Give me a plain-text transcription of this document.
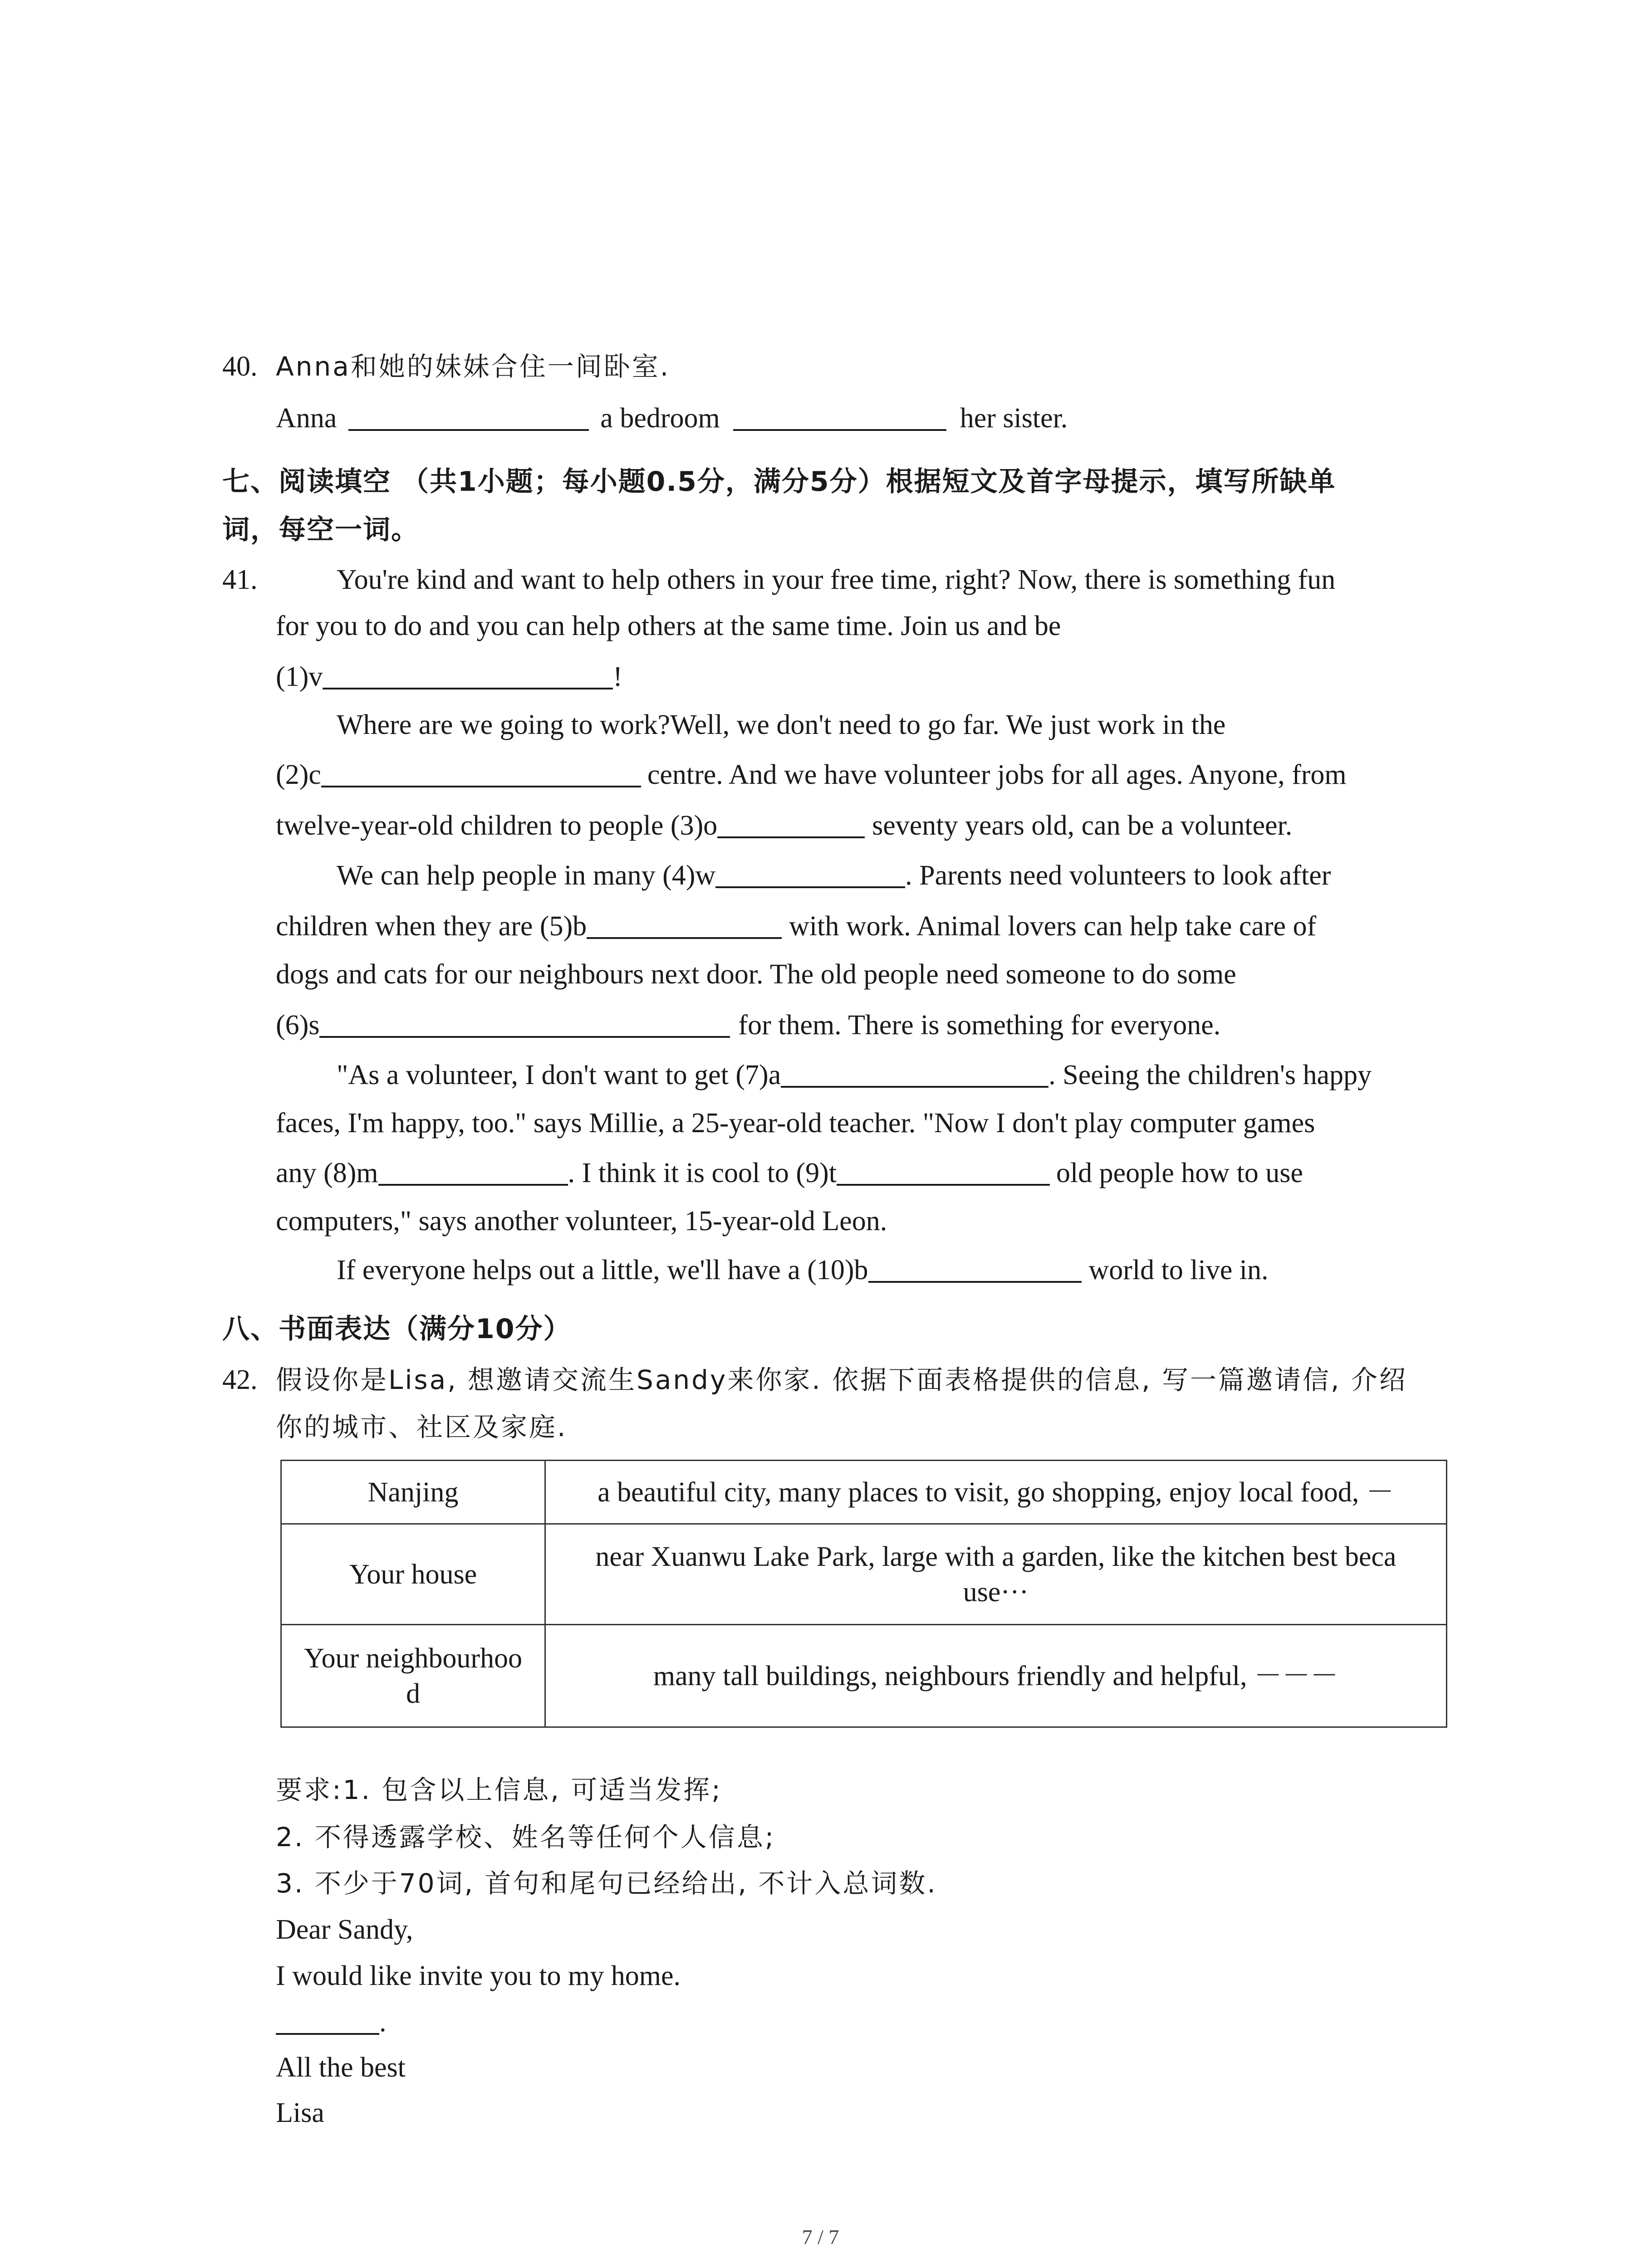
40. Anna和她的妹妹合住一间卧室.
Anna	a bedroom	her sister.
七、阅读填空 （共1小题；每小题0.5分，满分5分）根据短文及首字母提示，填写所缺单
词，每空一词。
41.	You're kind and want to help others in your free time, right? Now, there is something fun
for you to do and you can help others at the same time. Join us and be
(1)v	!
Where are we going to work?Well, we don't need to go far. We just work in the
(2)c	centre. And we have volunteer jobs for all ages. Anyone, from
twelve-year-old children to people (3)o	seventy years old, can be a volunteer.
We can help people in many (4)w	. Parents need volunteers to look after
children when they are (5)b	with work. Animal lovers can help take care of
dogs and cats for our neighbours next door. The old people need someone to do some
(6)s	for them. There is something for everyone.
"As a volunteer, I don't want to get (7)a	. Seeing the children's happy
faces, I'm happy, too." says Millie, a 25-year-old teacher. "Now I don't play computer games
any (8)m	. I think it is cool to (9)t	old people how to use
computers," says another volunteer, 15-year-old Leon.
If everyone helps out a little, we'll have a (10)b	world to live in.
八、书面表达（满分10分）
42. 假设你是Lisa, 想邀请交流生Sandy来你家. 依据下面表格提供的信息, 写一篇邀请信, 介绍
你的城市、社区及家庭.
Nanjing	a beautiful city, many places to visit, go shopping, enjoy local food, －
Your house	near Xuanwu Lake Park, large with a garden, like the kitchen best beca
use···

Your neighbourhoo
d	many tall buildings, neighbours friendly and helpful, －－－
要求:1. 包含以上信息, 可适当发挥;
2. 不得透露学校、姓名等任何个人信息;
3. 不少于70词, 首句和尾句已经给出, 不计入总词数.
Dear Sandy,
I would like invite you to my home.
.
All the best
Lisa
7 / 7
